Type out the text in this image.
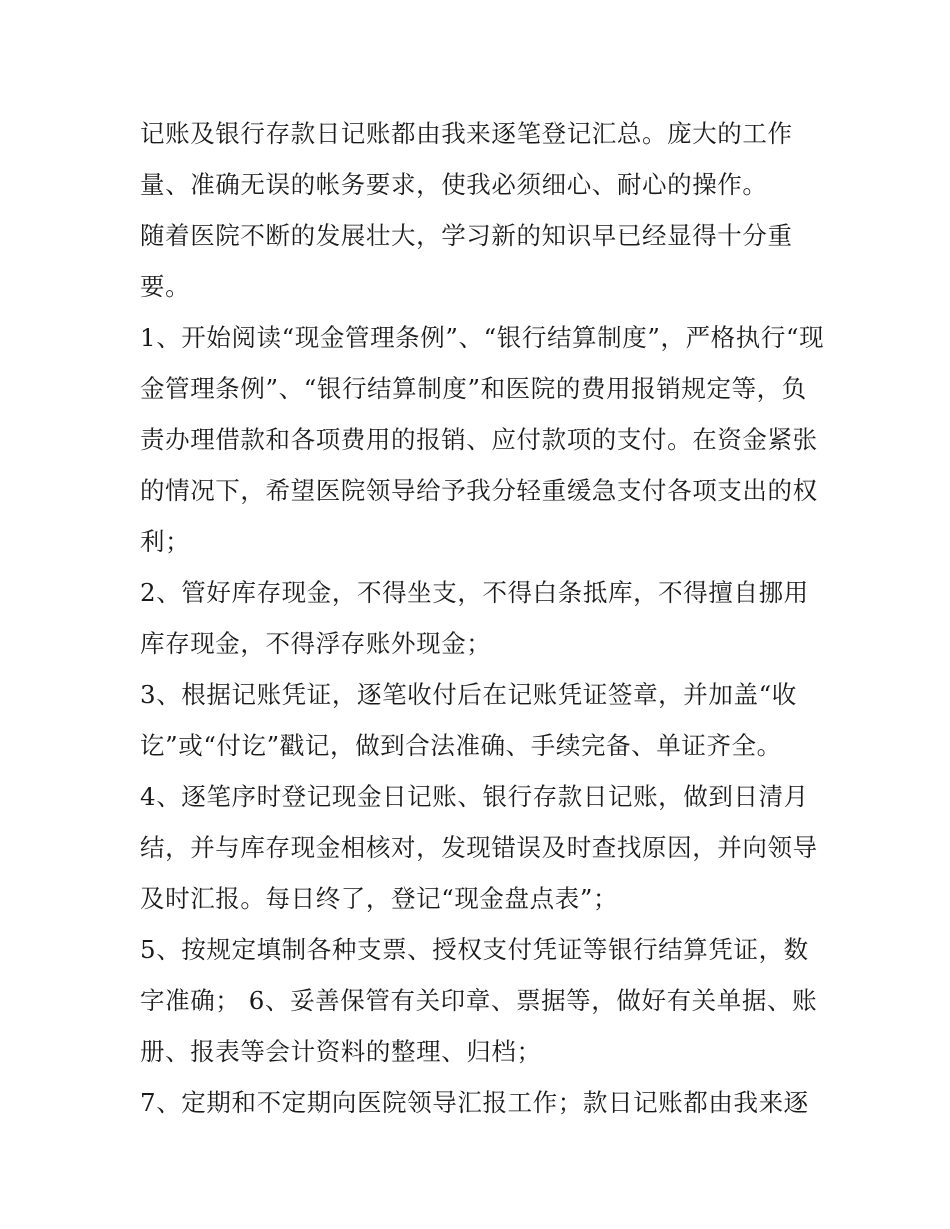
记账及银行存款日记账都由我来逐笔登记汇总。庞大的工作
量、准确无误的帐务要求，使我必须细心、耐心的操作。
随着医院不断的发展壮大，学习新的知识早已经显得十分重
要。
1、开始阅读“现金管理条例”、“银行结算制度”，严格执行“现
金管理条例”、“银行结算制度”和医院的费用报销规定等，负
责办理借款和各项费用的报销、应付款项的支付。在资金紧张
的情况下，希望医院领导给予我分轻重缓急支付各项支出的权
利；
2、管好库存现金，不得坐支，不得白条抵库，不得擅自挪用
库存现金，不得浮存账外现金；
3、根据记账凭证，逐笔收付后在记账凭证签章，并加盖“收
讫”或“付讫”戳记，做到合法准确、手续完备、单证齐全。
4、逐笔序时登记现金日记账、银行存款日记账，做到日清月
结，并与库存现金相核对，发现错误及时查找原因，并向领导
及时汇报。每日终了，登记“现金盘点表”；
5、按规定填制各种支票、授权支付凭证等银行结算凭证，数
字准确； 6、妥善保管有关印章、票据等，做好有关单据、账
册、报表等会计资料的整理、归档；
7、定期和不定期向医院领导汇报工作；款日记账都由我来逐
